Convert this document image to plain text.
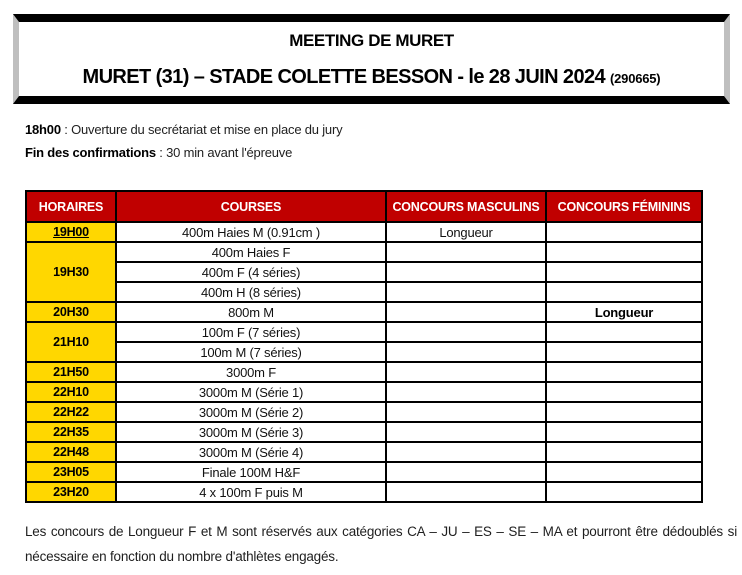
MEETING DE MURET
MURET (31) – STADE COLETTE BESSON - le 28 JUIN 2024 (290665)
18h00 : Ouverture du secrétariat et mise en place du jury
Fin des confirmations : 30 min avant l'épreuve
HORAIRES	COURSES	CONCOURS MASCULINS	CONCOURS FÉMININS
19H00	400m Haies M (0.91cm )	Longueur	
19H30	400m Haies F		
	400m F (4 séries)		
	400m H (8 séries)		
20H30	800m M		Longueur
21H10	100m F (7 séries)		
	100m M (7 séries)		
21H50	3000m F		
22H10	3000m M (Série 1)		
22H22	3000m M (Série 2)		
22H35	3000m M (Série 3)		
22H48	3000m M (Série 4)		
23H05	Finale 100M H&F		
23H20	4 x 100m F puis M		

Les concours de Longueur F et M sont réservés aux catégories CA – JU – ES – SE – MA et pourront être dédoublés si nécessaire en fonction du nombre d'athlètes engagés.
